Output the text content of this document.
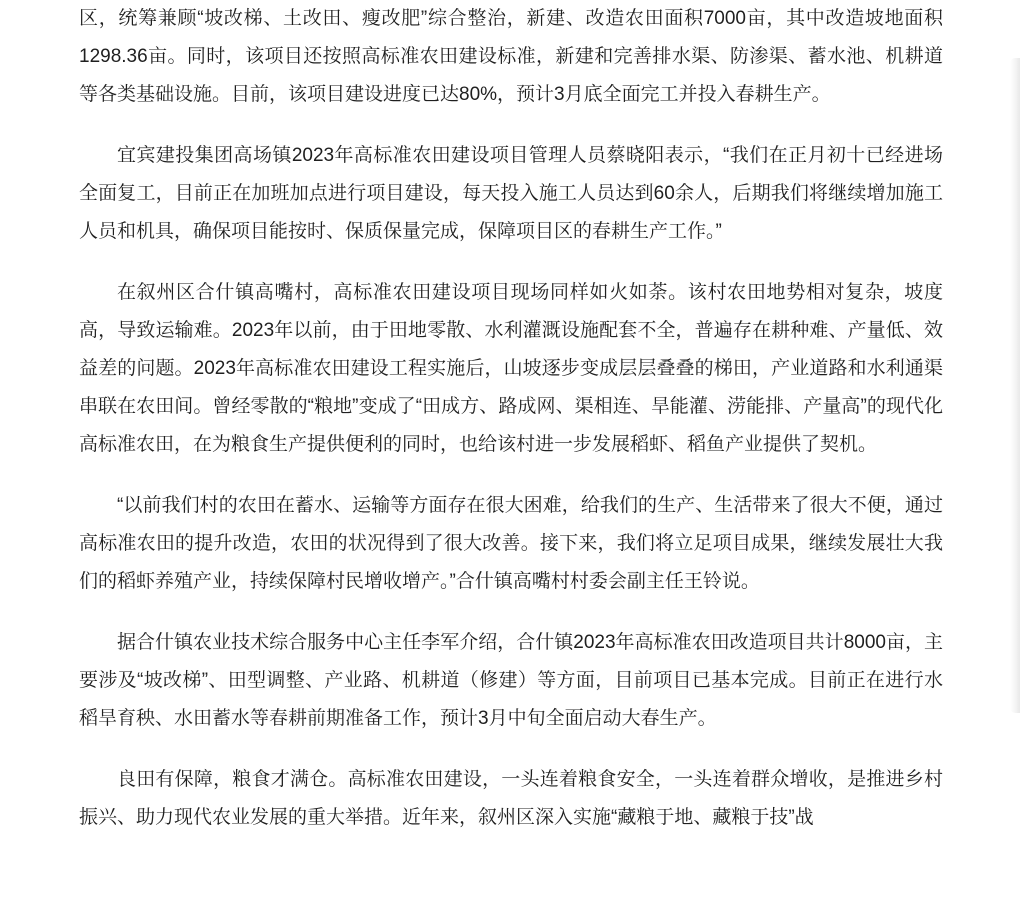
区，统筹兼顾“坡改梯、土改田、瘦改肥”综合整治，新建、改造农田面积7000亩，其中改造坡地面积1298.36亩。同时，该项目还按照高标准农田建设标准，新建和完善排水渠、防渗渠、蓄水池、机耕道等各类基础设施。目前，该项目建设进度已达80%，预计3月底全面完工并投入春耕生产。

宜宾建投集团高场镇2023年高标准农田建设项目管理人员蔡晓阳表示，“我们在正月初十已经进场全面复工，目前正在加班加点进行项目建设，每天投入施工人员达到60余人，后期我们将继续增加施工人员和机具，确保项目能按时、保质保量完成，保障项目区的春耕生产工作。”

在叙州区合什镇高嘴村，高标准农田建设项目现场同样如火如荼。该村农田地势相对复杂，坡度高，导致运输难。2023年以前，由于田地零散、水利灌溉设施配套不全，普遍存在耕种难、产量低、效益差的问题。2023年高标准农田建设工程实施后，山坡逐步变成层层叠叠的梯田，产业道路和水利通渠串联在农田间。曾经零散的“粮地”变成了“田成方、路成网、渠相连、旱能灌、涝能排、产量高”的现代化高标准农田，在为粮食生产提供便利的同时，也给该村进一步发展稻虾、稻鱼产业提供了契机。

“以前我们村的农田在蓄水、运输等方面存在很大困难，给我们的生产、生活带来了很大不便，通过高标准农田的提升改造，农田的状况得到了很大改善。接下来，我们将立足项目成果，继续发展壮大我们的稻虾养殖产业，持续保障村民增收增产。”合什镇高嘴村村委会副主任王铃说。

据合什镇农业技术综合服务中心主任李军介绍，合什镇2023年高标准农田改造项目共计8000亩，主要涉及“坡改梯”、田型调整、产业路、机耕道（修建）等方面，目前项目已基本完成。目前正在进行水稻旱育秧、水田蓄水等春耕前期准备工作，预计3月中旬全面启动大春生产。

良田有保障，粮食才满仓。高标准农田建设，一头连着粮食安全，一头连着群众增收，是推进乡村振兴、助力现代农业发展的重大举措。近年来，叙州区深入实施“藏粮于地、藏粮于技”战
